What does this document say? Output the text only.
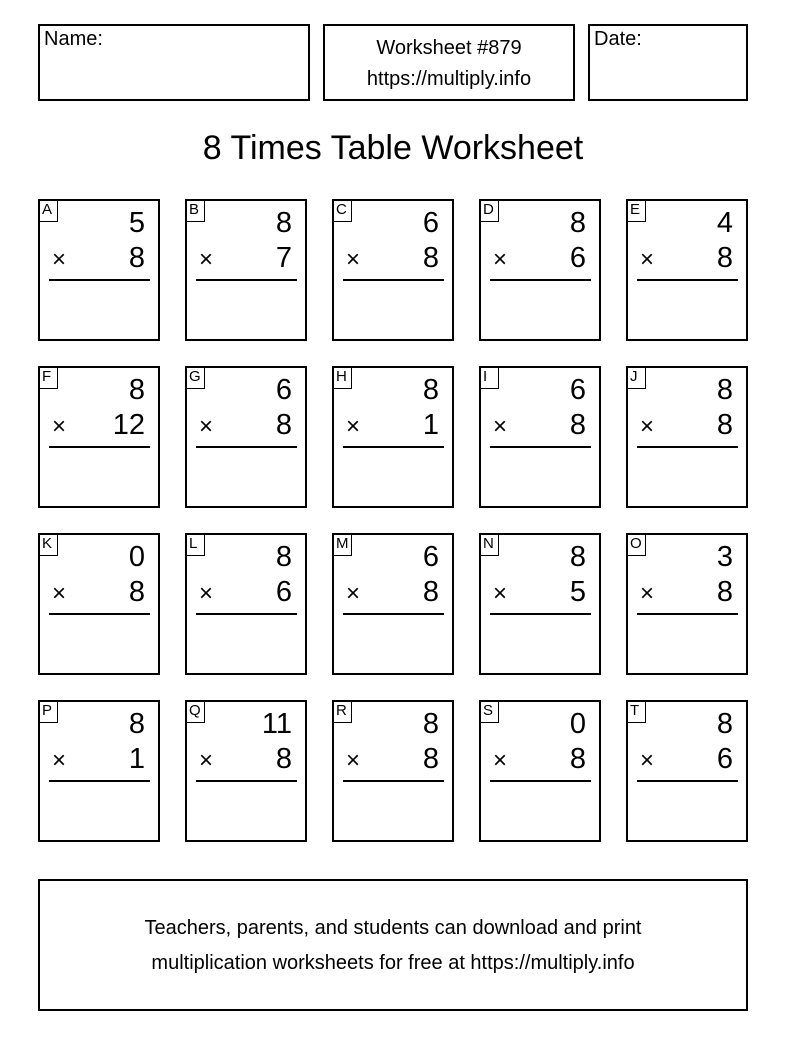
Name:	Worksheet #879
https://multiply.info
Date:
8 Times Table Worksheet
A	5
× 8
B	8
× 7
C	6
× 8
D	8
× 6
E	4
× 8
F	8
× 12
G	6
× 8
H	8
× 1
I	6
× 8
J	8
× 8
K	0
× 8
L	8
× 6
M	6
× 8
N	8
× 5
O	3
× 8
P	8
× 1
Q 11
× 8
R	8
× 8
S	0
× 8
T	8
× 6
Teachers, parents, and students can download and print
multiplication worksheets for free at https://multiply.info
